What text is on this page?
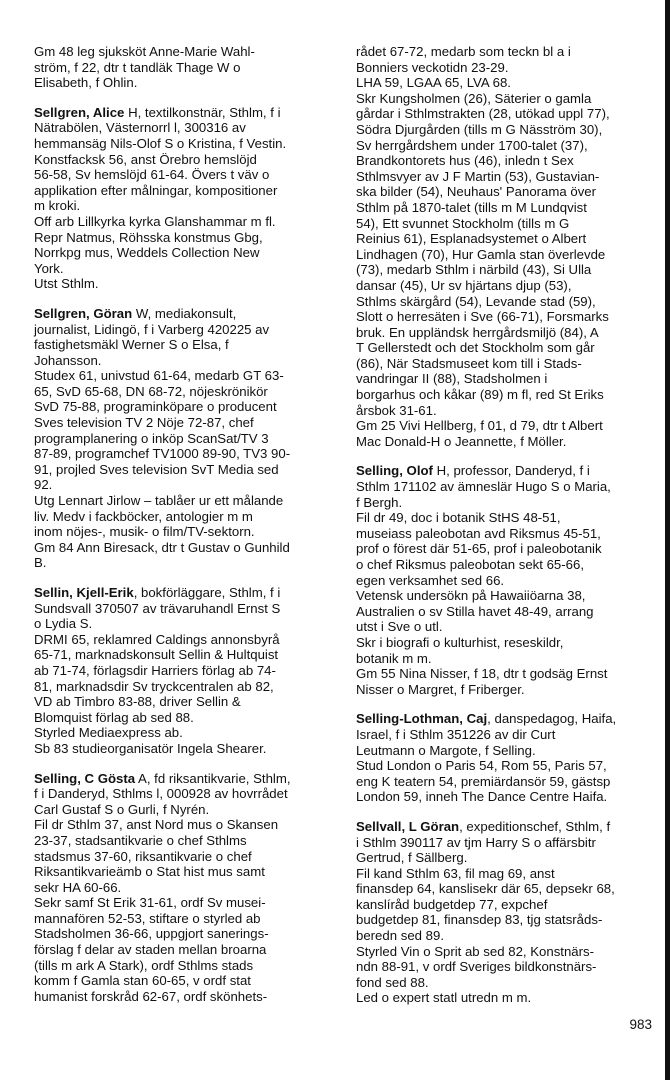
Gm 48 leg sjuksköt Anne-Marie Wahl-
ström, f 22, dtr t tandläk Thage W o
Elisabeth, f Ohlin.
Sellgren, Alice H, textilkonstnär, Sthlm, f i
Nätrabölen, Västernorrl l, 300316 av
hemmansäg Nils-Olof S o Kristina, f Vestin.
Konstfacksk 56, anst Örebro hemslöjd
56-58, Sv hemslöjd 61-64. Övers t väv o
applikation efter målningar, kompositioner
m kroki.
Off arb Lillkyrka kyrka Glanshammar m fl.
Repr Natmus, Röhsska konstmus Gbg,
Norrkpg mus, Weddels Collection New
York.
Utst Sthlm.
Sellgren, Göran W, mediakonsult,
journalist, Lidingö, f i Varberg 420225 av
fastighetsmäkl Werner S o Elsa, f
Johansson.
Studex 61, univstud 61-64, medarb GT 63-
65, SvD 65-68, DN 68-72, nöjeskrönikör
SvD 75-88, programinköpare o producent
Sves television TV 2 Nöje 72-87, chef
programplanering o inköp ScanSat/TV 3
87-89, programchef TV1000 89-90, TV3 90-
91, projled Sves television SvT Media sed
92.
Utg Lennart Jirlow – tablåer ur ett målande
liv. Medv i fackböcker, antologier m m
inom nöjes-, musik- o film/TV-sektorn.
Gm 84 Ann Biresack, dtr t Gustav o Gunhild
B.
Sellin, Kjell-Erik, bokförläggare, Sthlm, f i
Sundsvall 370507 av trävaruhandl Ernst S
o Lydia S.
DRMI 65, reklamred Caldings annonsbyrå
65-71, marknadskonsult Sellin & Hultquist
ab 71-74, förlagsdir Harriers förlag ab 74-
81, marknadsdir Sv tryckcentralen ab 82,
VD ab Timbro 83-88, driver Sellin &
Blomquist förlag ab sed 88.
Styrled Mediaexpress ab.
Sb 83 studieorganisatör Ingela Shearer.
Selling, C Gösta A, fd riksantikvarie, Sthlm,
f i Danderyd, Sthlms l, 000928 av hovrrådet
Carl Gustaf S o Gurli, f Nyrén.
Fil dr Sthlm 37, anst Nord mus o Skansen
23-37, stadsantikvarie o chef Sthlms
stadsmus 37-60, riksantikvarie o chef
Riksantikvarieämb o Stat hist mus samt
sekr HA 60-66.
Sekr samf St Erik 31-61, ordf Sv musei-
mannafören 52-53, stiftare o styrled ab
Stadsholmen 36-66, uppgjort sanerings-
förslag f delar av staden mellan broarna
(tills m ark A Stark), ordf Sthlms stads
komm f Gamla stan 60-65, v ordf stat
humanist forskråd 62-67, ordf skönhets-
rådet 67-72, medarb som teckn bl a i
Bonniers veckotidn 23-29.
LHA 59, LGAA 65, LVA 68.
Skr Kungsholmen (26), Säterier o gamla
gårdar i Sthlmstrakten (28, utökad uppl 77),
Södra Djurgården (tills m G Näsström 30),
Sv herrgårdshem under 1700-talet (37),
Brandkontorets hus (46), inledn t Sex
Sthlmsvyer av J F Martin (53), Gustavian-
ska bilder (54), Neuhaus' Panorama över
Sthlm på 1870-talet (tills m M Lundqvist
54), Ett svunnet Stockholm (tills m G
Reinius 61), Esplanadsystemet o Albert
Lindhagen (70), Hur Gamla stan överlevde
(73), medarb Sthlm i närbild (43), Si Ulla
dansar (45), Ur sv hjärtans djup (53),
Sthlms skärgård (54), Levande stad (59),
Slott o herresäten i Sve (66-71), Forsmarks
bruk. En uppländsk herrgårdsmiljö (84), A
T Gellerstedt och det Stockholm som går
(86), När Stadsmuseet kom till i Stads-
vandringar II (88), Stadsholmen i
borgarhus och kåkar (89) m fl, red St Eriks
årsbok 31-61.
Gm 25 Vivi Hellberg, f 01, d 79, dtr t Albert
Mac Donald-H o Jeannette, f Möller.
Selling, Olof H, professor, Danderyd, f i
Sthlm 171102 av ämneslär Hugo S o Maria,
f Bergh.
Fil dr 49, doc i botanik StHS 48-51,
museiass paleobotan avd Riksmus 45-51,
prof o förest där 51-65, prof i paleobotanik
o chef Riksmus paleobotan sekt 65-66,
egen verksamhet sed 66.
Vetensk undersökn på Hawaiiöarna 38,
Australien o sv Stilla havet 48-49, arrang
utst i Sve o utl.
Skr i biografi o kulturhist, reseskildr,
botanik m m.
Gm 55 Nina Nisser, f 18, dtr t godsäg Ernst
Nisser o Margret, f Friberger.
Selling-Lothman, Caj, danspedagog, Haifa,
Israel, f i Sthlm 351226 av dir Curt
Leutmann o Margote, f Selling.
Stud London o Paris 54, Rom 55, Paris 57,
eng K teatern 54, premiärdansör 59, gästsp
London 59, inneh The Dance Centre Haifa.
Sellvall, L Göran, expeditionschef, Sthlm, f
i Sthlm 390117 av tjm Harry S o affärsbitr
Gertrud, f Sällberg.
Fil kand Sthlm 63, fil mag 69, anst
finansdep 64, kanslisekr där 65, depsekr 68,
kanslíråd budgetdep 77, expchef
budgetdep 81, finansdep 83, tjg statsråds-
beredn sed 89.
Styrled Vin o Sprit ab sed 82, Konstnärs-
ndn 88-91, v ordf Sveriges bildkonstnärs-
fond sed 88.
Led o expert statl utredn m m.
983
